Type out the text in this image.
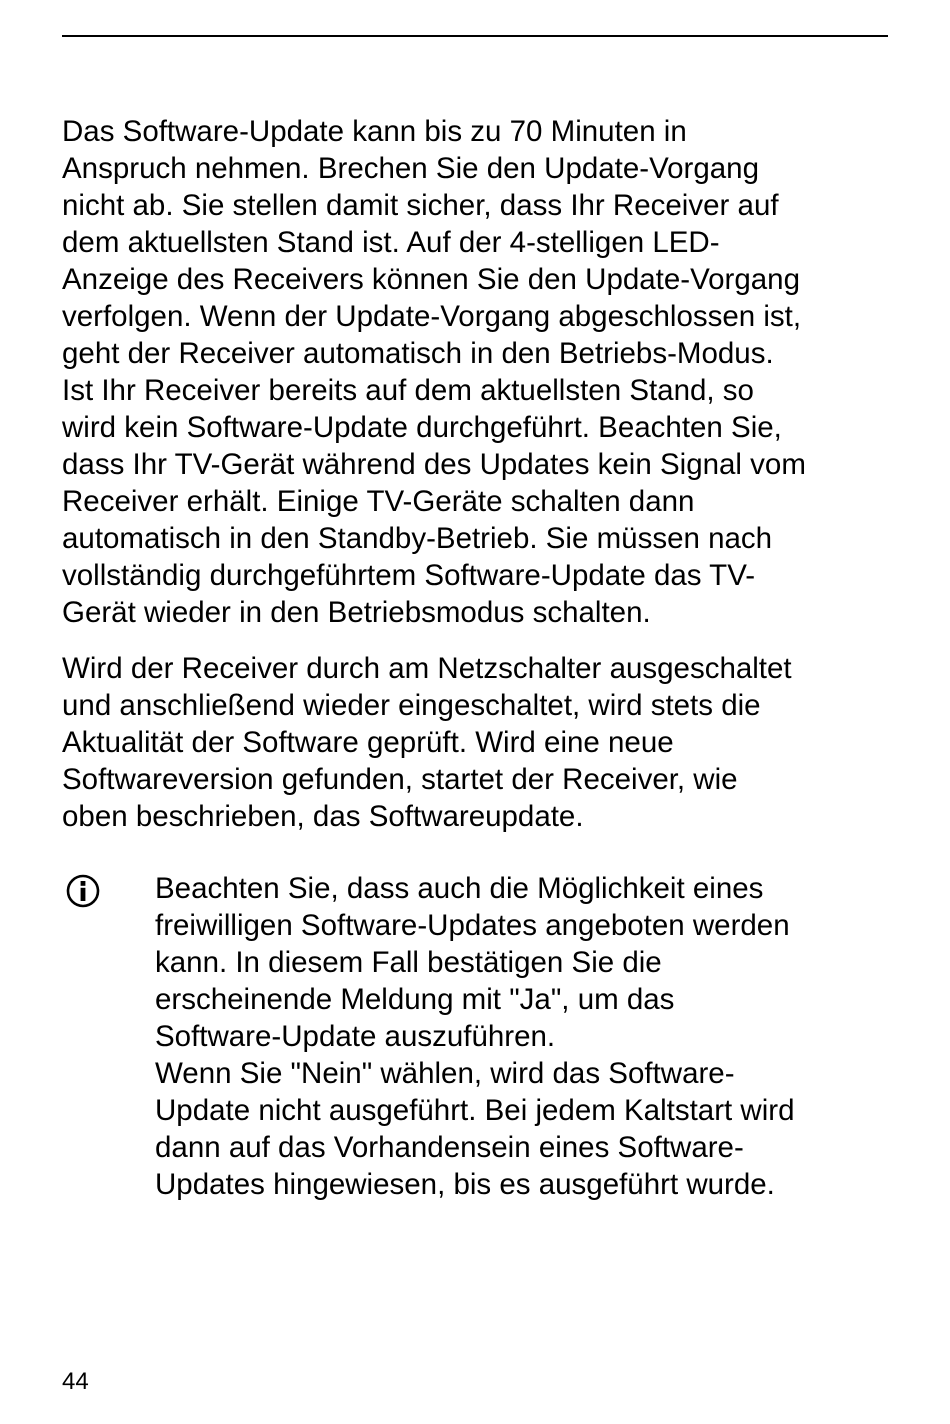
Das Software-Update kann bis zu 70 Minuten in
Anspruch nehmen. Brechen Sie den Update-Vorgang
nicht ab. Sie stellen damit sicher, dass Ihr Receiver auf
dem aktuellsten Stand ist. Auf der 4-stelligen LED-
Anzeige des Receivers können Sie den Update-Vorgang
verfolgen. Wenn der Update-Vorgang abgeschlossen ist,
geht der Receiver automatisch in den Betriebs-Modus.
Ist Ihr Receiver bereits auf dem aktuellsten Stand, so
wird kein Software-Update durchgeführt. Beachten Sie,
dass Ihr TV-Gerät während des Updates kein Signal vom
Receiver erhält. Einige TV-Geräte schalten dann
automatisch in den Standby-Betrieb. Sie müssen nach
vollständig durchgeführtem Software-Update das TV-
Gerät wieder in den Betriebsmodus schalten.

Wird der Receiver durch am Netzschalter ausgeschaltet
und anschließend wieder eingeschaltet, wird stets die
Aktualität der Software geprüft. Wird eine neue
Softwareversion gefunden, startet der Receiver, wie
oben beschrieben, das Softwareupdate.

Beachten Sie, dass auch die Möglichkeit eines
freiwilligen Software-Updates angeboten werden
kann. In diesem Fall bestätigen Sie die
erscheinende Meldung mit "Ja", um das
Software-Update auszuführen.
Wenn Sie "Nein" wählen, wird das Software-
Update nicht ausgeführt. Bei jedem Kaltstart wird
dann auf das Vorhandensein eines Software-
Updates hingewiesen, bis es ausgeführt wurde.

44
